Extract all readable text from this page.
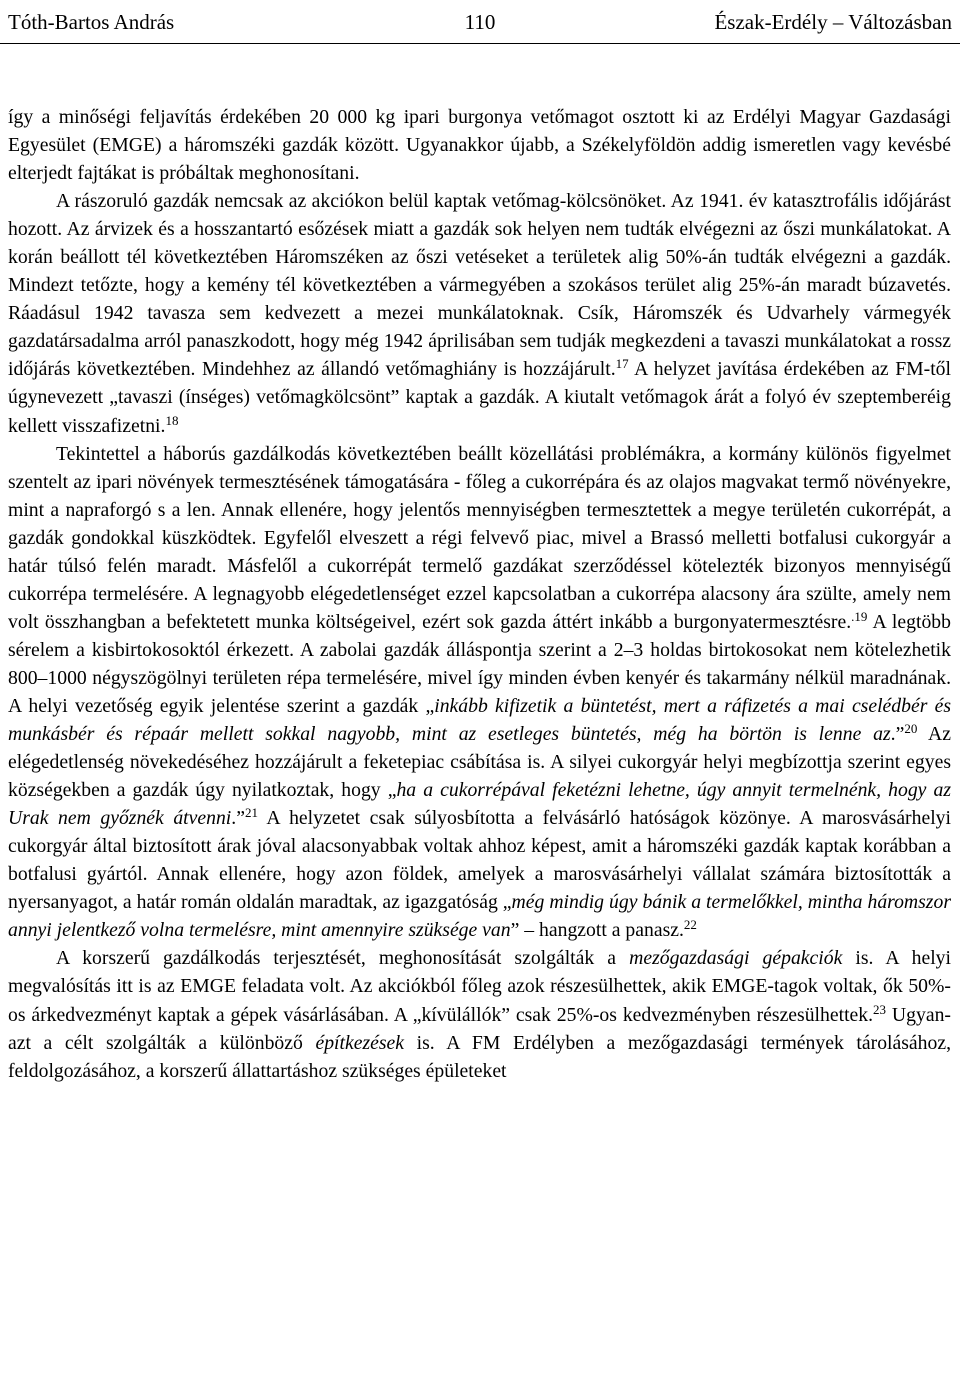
Tóth-Bartos András	110	Észak-Erdély – Változásban

így a minőségi feljavítás érdekében 20 000 kg ipari burgonya vetőmagot osztott ki az Erdélyi Magyar Gazdasági Egyesület (EMGE) a háromszéki gazdák között. Ugyanakkor újabb, a Székelyföldön addig ismeretlen vagy kevésbé elterjedt fajtákat is próbáltak meghonosítani.

A rászoruló gazdák nemcsak az akciókon belül kaptak vetőmag-kölcsönöket. Az 1941. év katasztrofális időjárást hozott. Az árvizek és a hosszantartó esőzések miatt a gazdák sok helyen nem tudták elvégezni az őszi munkálatokat. A korán beállott tél következtében Háromszéken az őszi vetéseket a területek alig 50%-án tudták elvégezni a gazdák. Mindezt tetőzte, hogy a kemény tél következtében a vármegyében a szokásos terület alig 25%-án maradt búzavetés. Ráadásul 1942 tavasza sem kedvezett a mezei munkálatoknak. Csík, Háromszék és Udvarhely vármegyék gazdatársadalma arról panaszkodott, hogy még 1942 áprilisában sem tudják megkezdeni a tavaszi munkálatokat a rossz időjárás következtében. Mindehhez az állandó vetőmaghiány is hozzájárult.$^{17}$ A helyzet javítása érdekében az FM-től úgynevezett „tavaszi (ínséges) vetőmagkölcsönt” kaptak a gazdák. A kiutalt vetőmagok árát a folyó év szeptemberéig kellett visszafizetni.$^{18}$

Tekintettel a háborús gazdálkodás következtében beállt közellátási problémákra, a kormány különös figyelmet szentelt az ipari növények termesztésének támogatására - főleg a cukorrépára és az olajos magvakat termő növényekre, mint a napraforgó s a len. Annak ellenére, hogy jelentős mennyiségben termesztettek a megye területén cukorrépát, a gazdák gondokkal küszködtek. Egyfelől elveszett a régi felvevő piac, mivel a Brassó melletti botfalusi cukorgyár a határ túlsó felén maradt. Másfelől a cukorrépát termelő gazdákat szerződéssel kötelezték bizonyos mennyiségű cukorrépa termelésére. A legnagyobb elégedetlenséget ezzel kapcsolatban a cukorrépa alacsony ára szülte, amely nem volt összhangban a befektetett munka költségeivel, ezért sok gazda áttért inkább a burgonyatermesztésre.$^{.19}$ A legtöbb sérelem a kisbirtokosoktól érkezett. A zabolai gazdák álláspontja szerint a 2–3 holdas birtokosokat nem kötelezhetik 800–1000 négyszögölnyi területen répa termelésére, mivel így minden évben kenyér és takarmány nélkül maradnának. A helyi vezetőség egyik jelentése szerint a gazdák „inkább kifizetik a büntetést, mert a ráfizetés a mai cselédbér és munkásbér és répaár mellett sokkal nagyobb, mint az esetleges büntetés, még ha börtön is lenne az.”$^{20}$ Az elégedetlenség növekedéséhez hozzájárult a feketepiac csábítása is. A silyei cukorgyár helyi megbízottja szerint egyes községekben a gazdák úgy nyilatkoztak, hogy „ha a cukorrépával feketézni lehetne, úgy annyit termelnénk, hogy az Urak nem győznék átvenni.”$^{21}$ A helyzetet csak súlyosbította a felvásárló hatóságok közönye. A marosvásárhelyi cukorgyár által biztosított árak jóval alacsonyabbak voltak ahhoz képest, amit a háromszéki gazdák kaptak korábban a botfalusi gyártól. Annak ellenére, hogy azon földek, amelyek a marosvásárhelyi vállalat számára biztosították a nyersanyagot, a határ román oldalán maradtak, az igazgatóság „még mindig úgy bánik a termelőkkel, mintha háromszor annyi jelentkező volna termelésre, mint amennyire szüksége van” – hangzott a panasz.$^{22}$

A korszerű gazdálkodás terjesztését, meghonosítását szolgálták a mezőgazdasági gépakciók is. A helyi megvalósítás itt is az EMGE feladata volt. Az akciókból főleg azok részesülhettek, akik EMGE-tagok voltak, ők 50%-os árkedvezményt kaptak a gépek vásárlásában. A „kívülállók” csak 25%-os kedvezményben részesülhettek.$^{23}$ Ugyanazt a célt szolgálták a különböző építkezések is. A FM Erdélyben a mezőgazdasági termények tárolásához, feldolgozásához, a korszerű állattartáshoz szükséges épületeket
